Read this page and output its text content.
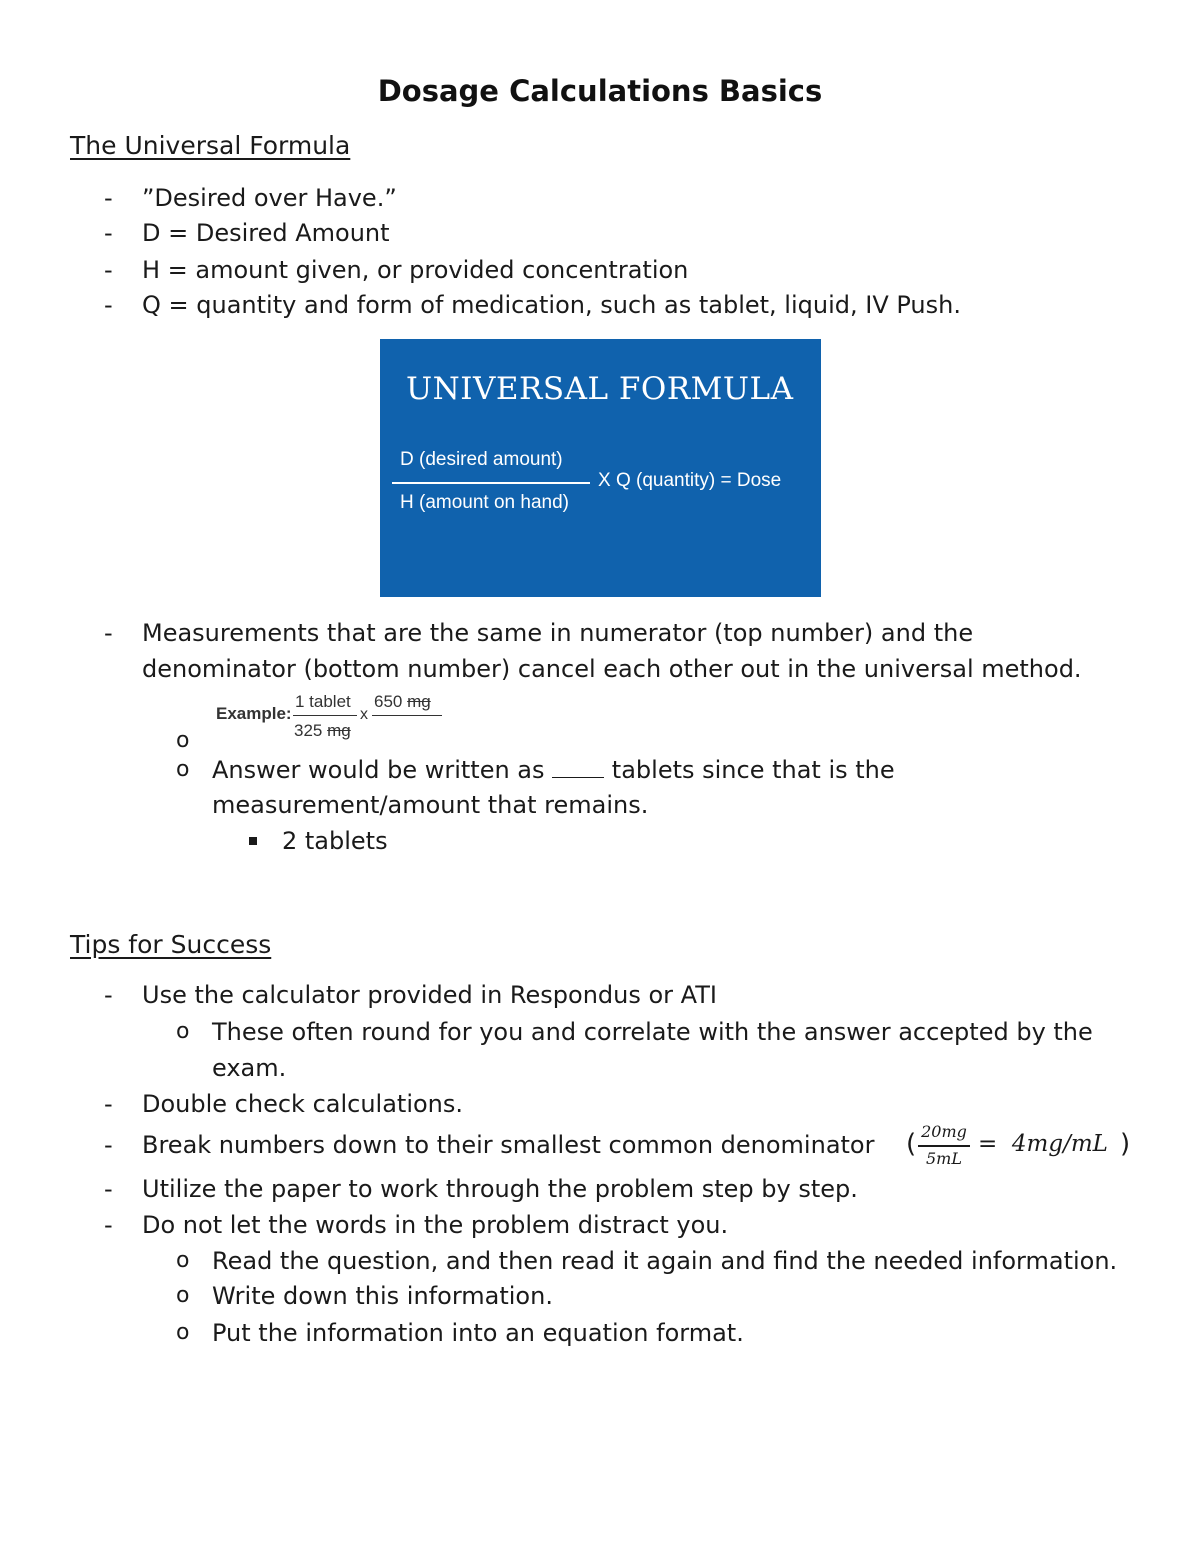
Dosage Calculations Basics
The Universal Formula
- ”Desired over Have.”
- D = Desired Amount
- H = amount given, or provided concentration
- Q = quantity and form of medication, such as tablet, liquid, IV Push.
UNIVERSAL FORMULA
D (desired amount)
H (amount on hand)
X Q (quantity) = Dose
- Measurements that are the same in numerator (top number) and the
denominator (bottom number) cancel each other out in the universal method.
Example:
1 tablet
325 mg
x
650 mg
o
o Answer would be written as	tablets since that is the
measurement/amount that remains.
2 tablets
Tips for Success
- Use the calculator provided in Respondus or ATI
o These often round for you and correlate with the answer accepted by the
exam.
- Double check calculations.
- Break numbers down to their smallest common denominator ( 20mg
5mL
= 4mg/mL )
- Utilize the paper to work through the problem step by step.
- Do not let the words in the problem distract you.
o Read the question, and then read it again and find the needed information.
o Write down this information.
o Put the information into an equation format.
